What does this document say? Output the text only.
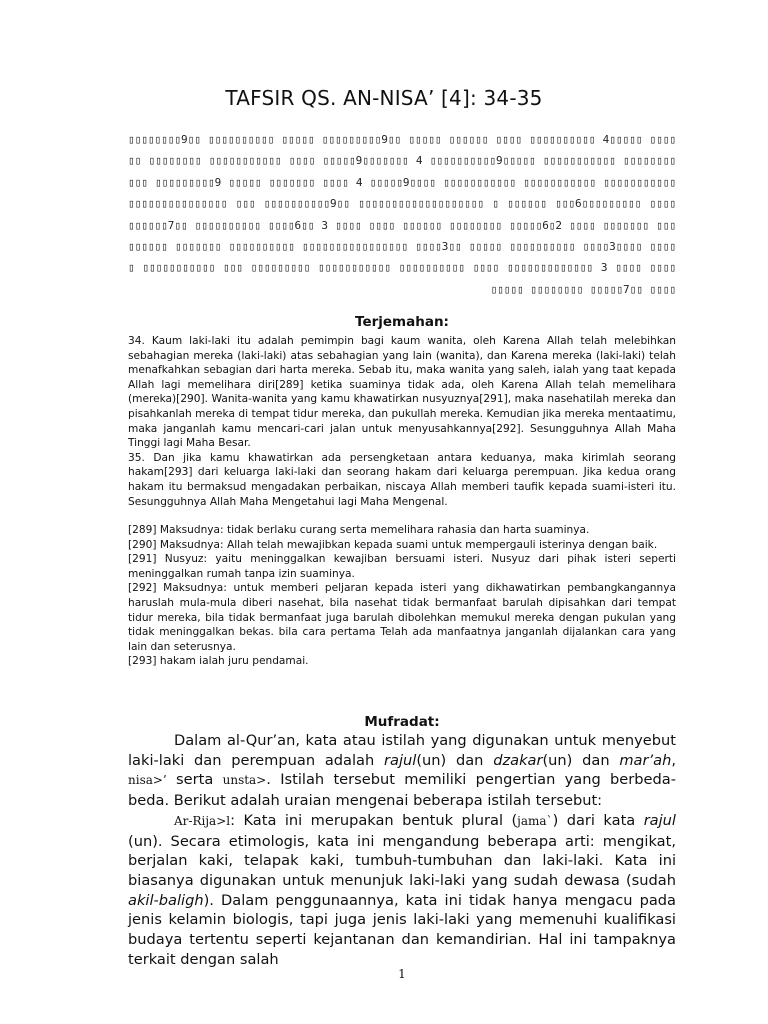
TAFSIR QS. AN-NISA’ [4]: 34-35
▯▯▯▯▯▯▯▯9▯▯ ▯▯▯▯▯▯▯▯▯▯ ▯▯▯▯▯ ▯▯▯▯▯▯▯▯▯9▯▯ ▯▯▯▯▯ ▯▯▯▯▯▯ ▯▯▯▯ ▯▯▯▯▯▯▯▯▯▯ 4▯▯▯▯▯ ▯▯▯▯▯▯ ▯▯▯▯▯▯▯▯ ▯▯▯▯▯▯▯▯▯▯▯ ▯▯▯▯ ▯▯▯▯▯9▯▯▯▯▯▯▯ 4 ▯▯▯▯▯▯▯▯▯▯9▯▯▯▯▯ ▯▯▯▯▯▯▯▯▯▯▯ ▯▯▯▯▯▯▯▯▯▯▯ ▯▯▯▯▯▯▯▯▯9 ▯▯▯▯▯ ▯▯▯▯▯▯▯ ▯▯▯▯ 4 ▯▯▯▯▯9▯▯▯▯ ▯▯▯▯▯▯▯▯▯▯▯ ▯▯▯▯▯▯▯▯▯▯▯ ▯▯▯▯▯▯▯▯▯▯▯ ▯▯▯▯▯▯▯▯▯▯▯▯▯▯▯ ▯▯▯ ▯▯▯▯▯▯▯▯▯▯9▯▯ ▯▯▯▯▯▯▯▯▯▯▯▯▯▯▯▯▯▯▯ ▯ ▯▯▯▯▯▯ ▯▯▯6▯▯▯▯▯▯▯▯▯ ▯▯▯▯ ▯▯▯▯▯▯7▯▯ ▯▯▯▯▯▯▯▯▯▯ ▯▯▯▯6▯▯ 3 ▯▯▯▯ ▯▯▯▯ ▯▯▯▯▯▯ ▯▯▯▯▯▯▯▯ ▯▯▯▯▯6▯2 ▯▯▯▯ ▯▯▯▯▯▯▯ ▯▯▯▯▯▯▯▯▯ ▯▯▯▯▯▯▯ ▯▯▯▯▯▯▯▯▯▯ ▯▯▯▯▯▯▯▯▯▯▯▯▯▯▯▯ ▯▯▯▯3▯▯ ▯▯▯▯▯ ▯▯▯▯▯▯▯▯▯▯ ▯▯▯▯3▯▯▯▯ ▯▯▯▯▯ ▯▯▯▯▯▯▯▯▯▯▯ ▯▯▯ ▯▯▯▯▯▯▯▯▯ ▯▯▯▯▯▯▯▯▯▯▯ ▯▯▯▯▯▯▯▯▯▯ ▯▯▯▯ ▯▯▯▯▯▯▯▯▯▯▯▯▯ 3 ▯▯▯▯ ▯▯▯▯ ▯▯▯▯▯ ▯▯▯▯▯▯▯▯ ▯▯▯▯▯7▯▯ ▯▯▯▯
Terjemahan:

34. Kaum laki-laki itu adalah pemimpin bagi kaum wanita, oleh Karena Allah telah melebihkan sebahagian mereka (laki-laki) atas sebahagian yang lain (wanita), dan Karena mereka (laki-laki) telah menafkahkan sebagian dari harta mereka. Sebab itu, maka wanita yang saleh, ialah yang taat kepada Allah lagi memelihara diri[289] ketika suaminya tidak ada, oleh Karena Allah telah memelihara (mereka)[290]. Wanita-wanita yang kamu khawatirkan nusyuznya[291], maka nasehatilah mereka dan pisahkanlah mereka di tempat tidur mereka, dan pukullah mereka. Kemudian jika mereka mentaatimu, maka janganlah kamu mencari-cari jalan untuk menyusahkannya[292]. Sesungguhnya Allah Maha Tinggi lagi Maha Besar.

35. Dan jika kamu khawatirkan ada persengketaan antara keduanya, maka kirimlah seorang hakam[293] dari keluarga laki-laki dan seorang hakam dari keluarga perempuan. Jika kedua orang hakam itu bermaksud mengadakan perbaikan, niscaya Allah memberi taufik kepada suami-isteri itu. Sesungguhnya Allah Maha Mengetahui lagi Maha Mengenal.

[289] Maksudnya: tidak berlaku curang serta memelihara rahasia dan harta suaminya.

[290] Maksudnya: Allah telah mewajibkan kepada suami untuk mempergauli isterinya dengan baik.

[291] Nusyuz: yaitu meninggalkan kewajiban bersuami isteri. Nusyuz dari pihak isteri seperti meninggalkan rumah tanpa izin suaminya.

[292] Maksudnya: untuk memberi peljaran kepada isteri yang dikhawatirkan pembangkangannya haruslah mula-mula diberi nasehat, bila nasehat tidak bermanfaat barulah dipisahkan dari tempat tidur mereka, bila tidak bermanfaat juga barulah dibolehkan memukul mereka dengan pukulan yang tidak meninggalkan bekas. bila cara pertama Telah ada manfaatnya janganlah dijalankan cara yang lain dan seterusnya.

[293] hakam ialah juru pendamai.

Mufradat:

Dalam al-Qur’an, kata atau istilah yang digunakan untuk menyebut laki-laki dan perempuan adalah rajul(un) dan dzakar(un) dan mar’ah, nisa>’ serta unsta>. Istilah tersebut memiliki pengertian yang berbeda-beda. Berikut adalah uraian mengenai beberapa istilah tersebut:

Ar-Rija>l: Kata ini merupakan bentuk plural (jama`) dari kata rajul (un). Secara etimologis, kata ini mengandung beberapa arti: mengikat, berjalan kaki, telapak kaki, tumbuh-tumbuhan dan laki-laki. Kata ini biasanya digunakan untuk menunjuk laki-laki yang sudah dewasa (sudah akil-baligh). Dalam penggunaannya, kata ini tidak hanya mengacu pada jenis kelamin biologis, tapi juga jenis laki-laki yang memenuhi kualifikasi budaya tertentu seperti kejantanan dan kemandirian. Hal ini tampaknya terkait dengan salah

1
